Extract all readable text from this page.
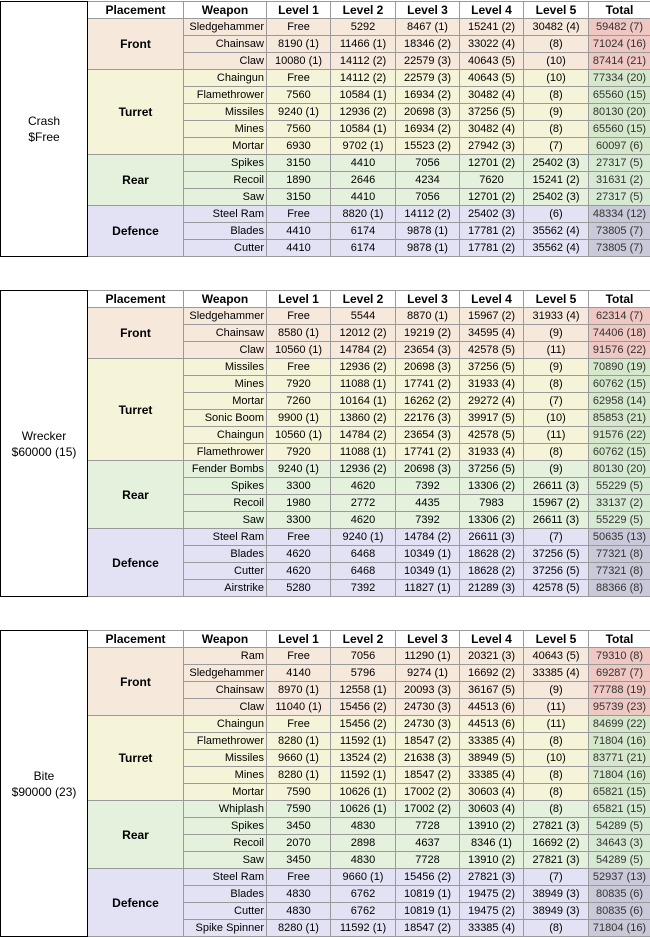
Crash
$Free	Placement	Weapon	Level 1	Level 2	Level 3	Level 4	Level 5	Total
	Front	Sledgehammer	Free	5292	8467 (1)	15241 (2)	30482 (4)	59482 (7)
		Chainsaw	8190 (1)	11466 (1)	18346 (2)	33022 (4)	(8)	71024 (16)
		Claw	10080 (1)	14112 (2)	22579 (3)	40643 (5)	(10)	87414 (21)
	Turret	Chaingun	Free	14112 (2)	22579 (3)	40643 (5)	(10)	77334 (20)
		Flamethrower	7560	10584 (1)	16934 (2)	30482 (4)	(8)	65560 (15)
		Missiles	9240 (1)	12936 (2)	20698 (3)	37256 (5)	(9)	80130 (20)
		Mines	7560	10584 (1)	16934 (2)	30482 (4)	(8)	65560 (15)
		Mortar	6930	9702 (1)	15523 (2)	27942 (3)	(7)	60097 (6)
	Rear	Spikes	3150	4410	7056	12701 (2)	25402 (3)	27317 (5)
		Recoil	1890	2646	4234	7620	15241 (2)	31631 (2)
		Saw	3150	4410	7056	12701 (2)	25402 (3)	27317 (5)
	Defence	Steel Ram	Free	8820 (1)	14112 (2)	25402 (3)	(6)	48334 (12)
		Blades	4410	6174	9878 (1)	17781 (2)	35562 (4)	73805 (7)
		Cutter	4410	6174	9878 (1)	17781 (2)	35562 (4)	73805 (7)
Wrecker
$60000 (15)	Placement	Weapon	Level 1	Level 2	Level 3	Level 4	Level 5	Total
	Front	Sledgehammer	Free	5544	8870 (1)	15967 (2)	31933 (4)	62314 (7)
		Chainsaw	8580 (1)	12012 (2)	19219 (2)	34595 (4)	(9)	74406 (18)
		Claw	10560 (1)	14784 (2)	23654 (3)	42578 (5)	(11)	91576 (22)
	Turret	Missiles	Free	12936 (2)	20698 (3)	37256 (5)	(9)	70890 (19)
		Mines	7920	11088 (1)	17741 (2)	31933 (4)	(8)	60762 (15)
		Mortar	7260	10164 (1)	16262 (2)	29272 (4)	(7)	62958 (14)
		Sonic Boom	9900 (1)	13860 (2)	22176 (3)	39917 (5)	(10)	85853 (21)
		Chaingun	10560 (1)	14784 (2)	23654 (3)	42578 (5)	(11)	91576 (22)
		Flamethrower	7920	11088 (1)	17741 (2)	31933 (4)	(8)	60762 (15)
	Rear	Fender Bombs	9240 (1)	12936 (2)	20698 (3)	37256 (5)	(9)	80130 (20)
		Spikes	3300	4620	7392	13306 (2)	26611 (3)	55229 (5)
		Recoil	1980	2772	4435	7983	15967 (2)	33137 (2)
		Saw	3300	4620	7392	13306 (2)	26611 (3)	55229 (5)
	Defence	Steel Ram	Free	9240 (1)	14784 (2)	26611 (3)	(7)	50635 (13)
		Blades	4620	6468	10349 (1)	18628 (2)	37256 (5)	77321 (8)
		Cutter	4620	6468	10349 (1)	18628 (2)	37256 (5)	77321 (8)
		Airstrike	5280	7392	11827 (1)	21289 (3)	42578 (5)	88366 (8)
Bite
$90000 (23)	Placement	Weapon	Level 1	Level 2	Level 3	Level 4	Level 5	Total
	Front	Ram	Free	7056	11290 (1)	20321 (3)	40643 (5)	79310 (8)
		Sledgehammer	4140	5796	9274 (1)	16692 (2)	33385 (4)	69287 (7)
		Chainsaw	8970 (1)	12558 (1)	20093 (3)	36167 (5)	(9)	77788 (19)
		Claw	11040 (1)	15456 (2)	24730 (3)	44513 (6)	(11)	95739 (23)
	Turret	Chaingun	Free	15456 (2)	24730 (3)	44513 (6)	(11)	84699 (22)
		Flamethrower	8280 (1)	11592 (1)	18547 (2)	33385 (4)	(8)	71804 (16)
		Missiles	9660 (1)	13524 (2)	21638 (3)	38949 (5)	(10)	83771 (21)
		Mines	8280 (1)	11592 (1)	18547 (2)	33385 (4)	(8)	71804 (16)
		Mortar	7590	10626 (1)	17002 (2)	30603 (4)	(8)	65821 (15)
	Rear	Whiplash	7590	10626 (1)	17002 (2)	30603 (4)	(8)	65821 (15)
		Spikes	3450	4830	7728	13910 (2)	27821 (3)	54289 (5)
		Recoil	2070	2898	4637	8346 (1)	16692 (2)	34643 (3)
		Saw	3450	4830	7728	13910 (2)	27821 (3)	54289 (5)
	Defence	Steel Ram	Free	9660 (1)	15456 (2)	27821 (3)	(7)	52937 (13)
		Blades	4830	6762	10819 (1)	19475 (2)	38949 (3)	80835 (6)
		Cutter	4830	6762	10819 (1)	19475 (2)	38949 (3)	80835 (6)
		Spike Spinner	8280 (1)	11592 (1)	18547 (2)	33385 (4)	(8)	71804 (16)
